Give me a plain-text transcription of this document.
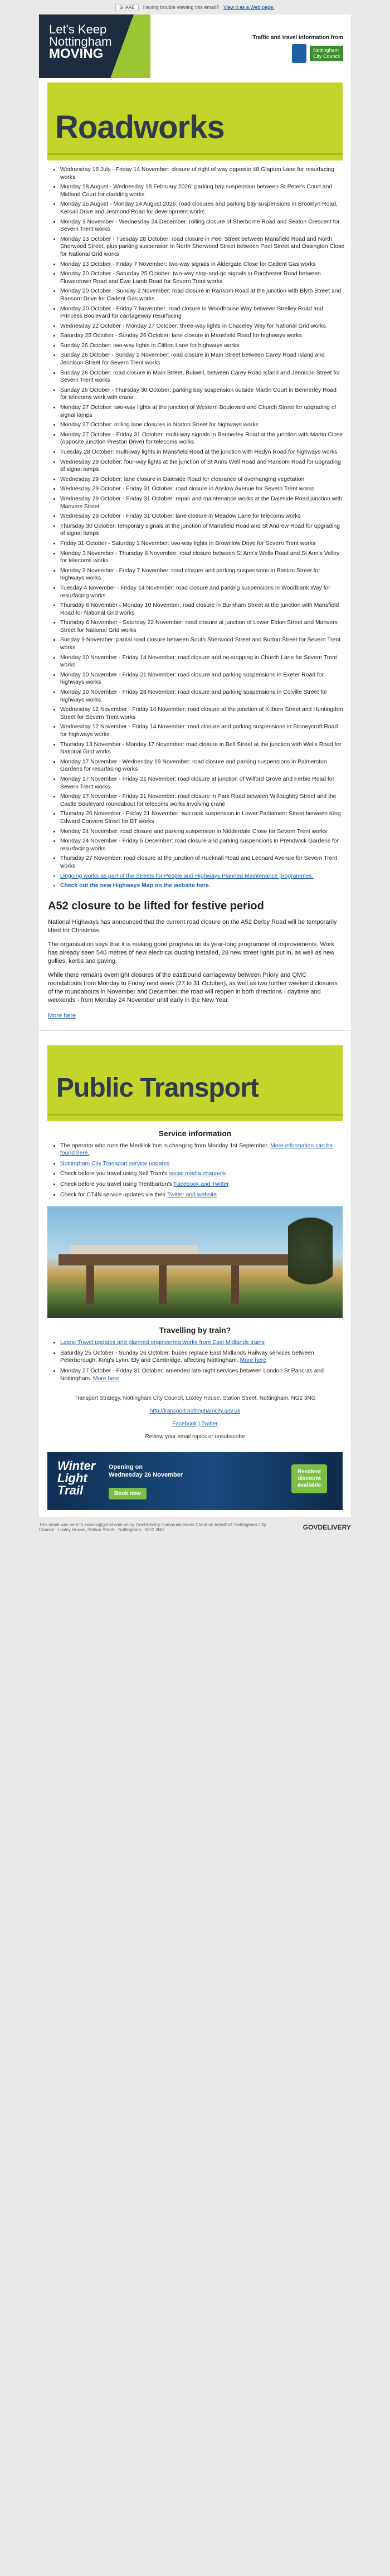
SHARE	Having trouble viewing this email? View it as a Web page.
Let's Keep
Nottingham
MOVING
Traffic and travel information from
Nottingham
City Council
Roadworks
• Wednesday 16 July - Friday 14 November: closure of right of way opposite 48 Glapton Lane for resurfacing works
• Monday 18 August - Wednesday 18 February 2026: parking bay suspension between St Peter's Court and Midland Court for cladding works
• Monday 25 August - Monday 24 August 2026: road closures and parking bay suspensions in Brooklyn Road, Kersall Drive and Jesmond Road for development works
• Monday 3 November - Wednesday 24 December: rolling closure of Sherborne Road and Seaton Crescent for Severn Trent works
• Monday 13 October - Tuesday 28 October: road closure in Peel Street between Mansfield Road and North Sherwood Street, plus parking suspension in North Sherwood Street between Peel Street and Ossington Close for National Grid works
• Monday 13 October - Friday 7 November: two-way signals in Aldergate Close for Cadent Gas works
• Monday 20 October - Saturday 25 October: two-way stop-and-go signals in Porchester Road between Flowerdown Road and Ewe Lamb Road for Severn Trent works
• Monday 20 October - Sunday 2 November: road closure in Ransom Road at the junction with Blyth Street and Ransom Drive for Cadent Gas works
• Monday 20 October - Friday 7 November: road closure in Woodhouse Way between Strelley Road and Princess Boulevard for carriageway resurfacing
• Wednesday 22 October - Monday 27 October: three-way lights in Chaceley Way for National Grid works
• Saturday 25 October - Sunday 26 October: lane closure in Mansfield Road for highways works
• Sunday 26 October: two-way lights in Clifton Lane for highways works
• Sunday 26 October - Sunday 2 November: road closure in Main Street between Carey Road Island and Jennison Street for Severn Trent works
• Sunday 26 October: road closure in Main Street, Bulwell, between Carey Road Island and Jennison Street for Severn Trent works
• Sunday 26 October - Thursday 30 October: parking bay suspension outside Martin Court in Bennerley Road for telecoms work with crane
• Monday 27 October: two-way lights at the junction of Western Boulevard and Church Street for upgrading of signal lamps
• Monday 27 October: rolling lane closures in Norton Street for highways works
• Monday 27 October - Friday 31 October: multi-way signals in Bennerley Road at the junction with Martin Close (opposite junction Preston Drive) for telecoms works
• Tuesday 28 October: multi-way lights in Mansfield Road at the junction with Hadyn Road for highways works
• Wednesday 29 October: four-way lights at the junction of St Anns Well Road and Ransom Road for upgrading of signal lamps
• Wednesday 29 October: lane closure in Daleside Road for clearance of overhanging vegetation
• Wednesday 29 October - Friday 31 October: road closure in Anslow Avenue for Severn Trent works
• Wednesday 29 October - Friday 31 October: repair and maintenance works at the Daleside Road junction with Manvers Street
• Wednesday 29 October - Friday 31 October: lane closure in Meadow Lane for telecoms works
• Thursday 30 October: temporary signals at the junction of Mansfield Road and St Andrew Road for upgrading of signal lamps
• Friday 31 October - Saturday 1 November: two-way lights in Brownlow Drive for Severn Trent works
• Monday 3 November - Thursday 6 November: road closure between St Ann's Wells Road and St Ann's Valley for telecoms works
• Monday 3 November - Friday 7 November: road closure and parking suspensions in Baston Street for highways works
• Tuesday 4 November - Friday 14 November: road closure and parking suspensions in Woodbank Way for resurfacing works
• Thursday 6 November - Monday 10 November: road closure in Burnham Street at the junction with Mansfield Road for National Grid works
• Thursday 6 November - Saturday 22 November: road closure at junction of Lower Eldon Street and Manvers Street for National Grid works
• Sunday 9 November: partial road closure between South Sherwood Street and Burton Street for Severn Trent works
• Monday 10 November - Friday 14 November: road closure and no-stopping in Church Lane for Severn Trent works
• Monday 10 November - Friday 21 November: road closure and parking suspensions in Exeter Road for highways works
• Monday 10 November - Friday 28 November: road closure and parking suspensions in Colville Street for highways works
• Wednesday 12 November - Friday 14 November: road closure at the junction of Kilburn Street and Huntingdon Street for Severn Trent works
• Wednesday 12 November - Friday 14 November: road closure and parking suspensions in Stoneycroft Road for highways works
• Thursday 13 November - Monday 17 November: road closure in Bell Street at the junction with Wells Road for National Grid works
• Monday 17 November - Wednesday 19 November: road closure and parking suspensions in Palmerston Gardens for resurfacing works
• Monday 17 November - Friday 21 November: road closure at junction of Wilford Grove and Ferbie Road for Severn Trent works
• Monday 17 November - Friday 21 November: road closure in Park Road between Willoughby Street and the Castle Boulevard roundabout for telecoms works involving crane
• Thursday 20 November - Friday 21 November: two rank suspension in Lower Parliament Street between King Edward Convent Street for BT works
• Monday 24 November: road closure and parking suspension in Nidderdale Close for Severn Trent works
• Monday 24 November - Friday 5 December: road closure and parking suspensions in Prendwick Gardens for resurfacing works
• Thursday 27 November: road closure at the junction of Hucknall Road and Leonard Avenue for Severn Trent works
• Ongoing works as part of the Streets for People and Highways Planned Maintenance programmes.
• Check out the new Highways Map on the website here.
A52 closure to be lifted for festive period

National Highways has announced that the current road closure on the A52 Derby Road will be temporarily lifted for Christmas.

The organisation says that it is making good progress on its year-long programme of improvements. Work has already seen 540 metres of new electrical ducting installed, 28 new street lights put in, as well as new gullies, kerbs and paving.

While there remains overnight closures of the eastbound carriageway between Priory and QMC roundabouts from Monday to Friday next week (27 to 31 October), as well as two further weekend closures of the roundabouts in November and December, the road will reopen in both directions - daytime and weekends - from Monday 24 November until early in the New Year.

More here
Public Transport
Service information
• The operator who runs the Medilink bus is changing from Monday 1st September. More information can be found here.
• Nottingham City Transport service updates
• Check before you travel using Nell Tram's social media channels
• Check before you travel using Trentbarton's Facebook and Twitter
• Check for CT4N service updates via their Twitter and website
Travelling by train?
• Latest Travel updates and planned engineering works from East Midlands trains
• Saturday 25 October - Sunday 26 October: buses replace East Midlands Railway services between Peterborough, King's Lynn, Ely and Cambridge, affecting Nottingham. More here
• Monday 27 October - Friday 31 October: amended late-night services between London St Pancras and Nottingham. More here
Transport Strategy, Nottingham City Council, Loxley House, Station Street, Nottingham, NG2 3NG
http://transport.nottinghamcity.gov.uk
Facebook | Twitter
Review your email topics or unsubscribe
Winter
Light
Trail
Opening on
Wednesday 26 November
Book now
Resident discount available
This email was sent to xxxxxx@gmail.com using GovDelivery Communications Cloud on behalf of: Nottingham City Council · Loxley House, Station Street · Nottingham · NG2 3NG	GOVDELIVERY
